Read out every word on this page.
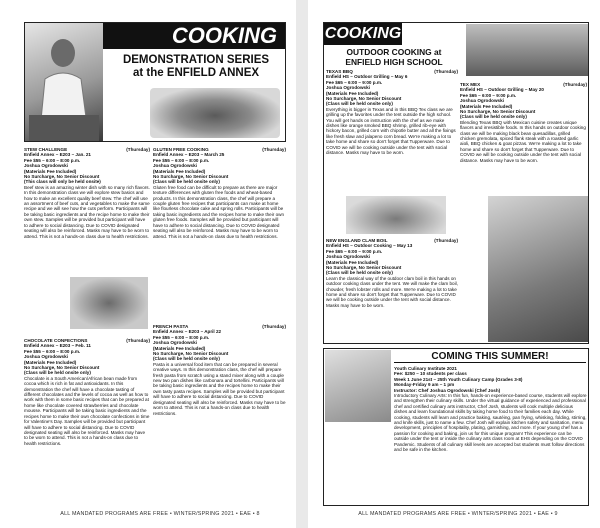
COOKING
DEMONSTRATION SERIES
at the ENFIELD ANNEX
STEW CHALLENGE	(Thursday)

Enfield Annex – E203 – Jan. 21

Fee $55 – 6:00 – 8:00 p.m.

Joshua Ogrodowski

(Materials Fee Included)

No Surcharge, No Senior Discount

(This class will only be held onsite)

Beef stew is an amazing winter dish with so many rich flavors. In this demonstration class we will explore stew basics and how to make an excellent quality beef stew. The chef will use an assortment of beef cuts, and vegetables to make the same recipe and we will see how the cuts perform. Participants will be taking basic ingredients and the recipe home to make their own stew. Samples will be provided but participant will have to adhere to social distancing. Due to COVID designated seating will also be reinforced. Masks may have to be worn to attend. This is not a hands-on class due to health restrictions.

CHOCOLATE CONFECTIONS	(Thursday)

Enfield Annex – E203 – Feb. 11

Fee $55 – 6:00 – 8:00 p.m.

Joshua Ogrodowski

(Materials Fee Included)

No Surcharge, No Senior Discount

(Class will be held onsite only)

Chocolate is a South American/African bean made from cocoa which is rich in fat and antioxidants. In this demonstration the chef will have a chocolate tasting of different chocolates and the levels of cocoa as well as how to work with them in some basic recipes that can be prepared at home like chocolate covered strawberries and chocolate mousse. Participants will be taking basic ingredients and the recipes home to make their own chocolate confections in time for Valentine's Day. Samples will be provided but participant will have to adhere to social distancing. Due to COVID designated seating will also be reinforced. Masks may have to be worn to attend. This is not a hands-on class due to health restrictions.

GLUTEN FREE COOKING	(Thursday)

Enfield Annex – E203 – March 25

Fee $55 – 6:00 – 8:00 p.m.

Joshua Ogrodowski

(Materials Fee Included)

No Surcharge, No Senior Discount

(Class will be held onsite only)

Gluten free food can be difficult to prepare as there are major texture differences with gluten free foods and wheat-based products. In this demonstration class, the chef will prepare a couple gluten free recipes that participants can make at home like flourless chocolate cake and spring rolls. Participants will be taking basic ingredients and the recipes home to make their own gluten free foods. Samples will be provided but participant will have to adhere to social distancing. Due to COVID designated seating will also be reinforced. Masks may have to be worn to attend. This is not a hands-on class due to health restrictions.

FRENCH PASTA	(Thursday)

Enfield Annex – E203 – April 22

Fee $55 – 6:00 – 8:00 p.m.

Joshua Ogrodowski

(Materials Fee Included)

No Surcharge, No Senior Discount

(Class will be held onsite only)

Pasta is a universal food item that can be prepared in several creative ways. In this demonstration class, the chef will prepare fresh pasta from scratch using a stand mixer along with a couple new two pan dishes like carbonara and tortellini. Participants will be taking basic ingredients and the recipes home to make their own tasty pasta recipes. Samples will be provided but participant will have to adhere to social distancing. Due to COVID designated seating will also be reinforced. Masks may have to be worn to attend. This is not a hands-on class due to health restrictions.

ALL MANDATED PROGRAMS ARE FREE • WINTER/SPRING 2021 • EAE • 8
COOKING
OUTDOOR COOKING at
ENFIELD HIGH SCHOOL
TEXAS BBQ	(Thursday)

Enfield HS – Outdoor Grilling – May 6

Fee $65 – 6:00 – 9:00 p.m.

Joshua Ogrodowski

(Materials Fee Included)

No Surcharge, No Senior Discount

(Class will be held onsite only)

Everything is bigger in Texas and in this BBQ Tex class we are grilling up the favorites under the tent outside the high school. You will get hands on instruction with the chef as we make dishes like orange smoked BBQ shrimp, grilled rib-eye with hickory bacon, grilled corn with chipotle butter and all the fixings like fresh slaw and jalapeno corn bread. We're making a lot to take home and share so don't forget that Tupperware. Due to COVID we will be cooking outside under the tent with social distance. Masks may have to be worn.

NEW ENGLAND CLAM BOIL	(Thursday)

Enfield HS – Outdoor Cooking – May 13

Fee $65 – 6:00 – 9:00 p.m.

Joshua Ogrodowski

(Materials Fee Included)

No Surcharge, No Senior Discount

(Class will be held onsite only)

Learn the classical way of the outdoor clam boil in this hands on outdoor cooking class under the tent. We will make the clam boil, chowder, fresh lobster rolls and more. We're making a lot to take home and share so don't forget that Tupperware. Due to COVID we will be cooking outside under the tent with social distance. Masks may have to be worn.

TEX MEX	(Thursday)

Enfield HS – Outdoor Grilling – May 20

Fee $65 – 6:00 – 9:00 p.m.

Joshua Ogrodowski

(Materials Fee Included)

No Surcharge, No Senior Discount

(Class will be held onsite only)

Blending Texas BBQ with Mexican cuisine creates unique flavors and irresistible foods. In this hands on outdoor cooking class we will be making black bean quesadillas, grilled chicken gremolata, spiced flank steak with a roasted garlic aioli, BBQ chicken & goat pizzas. We're making a lot to take home and share so don't forget that Tupperware. Due to COVID we will be cooking outside under the tent with social distance. Masks may have to be worn.

COMING THIS SUMMER!

Youth Culinary Institute 2021

Fee: $250 – 10 students per class

Week 1 June 21st – 25th Youth Culinary Camp (Grades 3-8)

Monday-Friday 9 am – 1 pm

Instructor: Chef Joshua Ogrodowski (Chef Josh)

Introductory Culinary Arts: In this fun, hands-on experience-based course, students will explore and strengthen their culinary skills. Under the virtual guidance of experienced and professional chef and certified culinary arts instructor, Chef Josh, students will cook multiple delicious dishes and learn foundational skills by taking home food to their families each day. While cooking, students will learn and practice baking, sautéing, pan frying, whisking, folding, stirring, and knife skills, just to name a few. Chef Josh will explain kitchen safety and sanitation, menu development, principles of hospitality, plating, garnishing, and more. If your young chef has a passion for cooking and baking, join us for this unique program! This experience can be outside under the tent or inside the culinary arts class room at EHS depending on the COVID Pandemic. Students of all culinary skill levels are accepted but students must follow directions and be safe in the kitchen.

ALL MANDATED PROGRAMS ARE FREE • WINTER/SPRING 2021 • EAE • 9
